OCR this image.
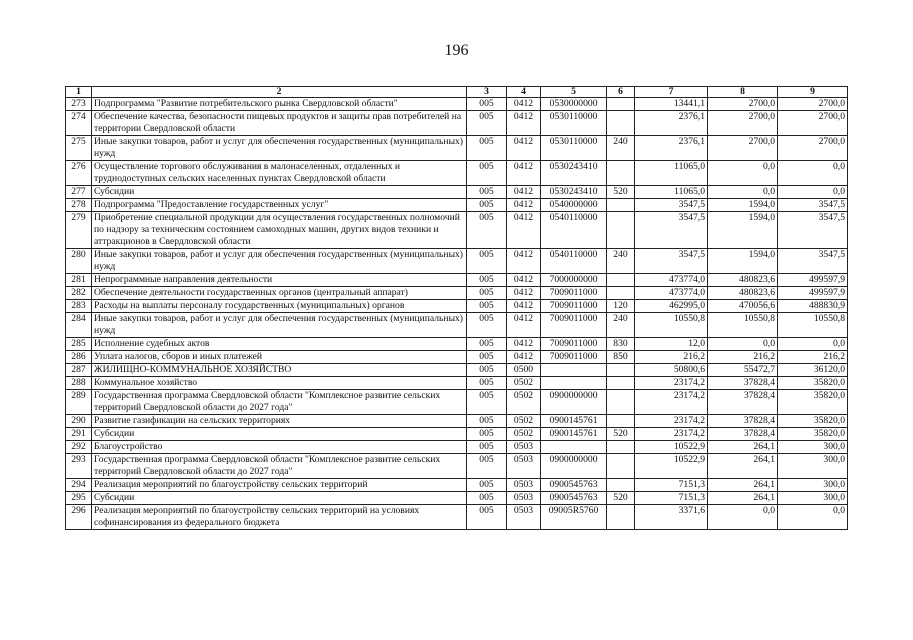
196
1	2	3	4	5	6	7	8	9
273	Подпрограмма "Развитие потребительского рынка Свердловской области"	005	0412	0530000000		13441,1	2700,0	2700,0
274	Обеспечение качества, безопасности пищевых продуктов и защиты прав потребителей на территории Свердловской области	005	0412	0530110000		2376,1	2700,0	2700,0
275	Иные закупки товаров, работ и услуг для обеспечения государственных (муниципальных) нужд	005	0412	0530110000	240	2376,1	2700,0	2700,0
276	Осуществление торгового обслуживания в малонаселенных, отдаленных и труднодоступных сельских населенных пунктах Свердловской области	005	0412	0530243410		11065,0	0,0	0,0
277	Субсидии	005	0412	0530243410	520	11065,0	0,0	0,0
278	Подпрограмма "Предоставление государственных услуг"	005	0412	0540000000		3547,5	1594,0	3547,5
279	Приобретение специальной продукции для осуществления государственных полномочий по надзору за техническим состоянием самоходных машин, других видов техники и аттракционов в Свердловской области	005	0412	0540110000		3547,5	1594,0	3547,5
280	Иные закупки товаров, работ и услуг для обеспечения государственных (муниципальных) нужд	005	0412	0540110000	240	3547,5	1594,0	3547,5
281	Непрограммные направления деятельности	005	0412	7000000000		473774,0	480823,6	499597,9
282	Обеспечение деятельности государственных органов (центральный аппарат)	005	0412	7009011000		473774,0	480823,6	499597,9
283	Расходы на выплаты персоналу государственных (муниципальных) органов	005	0412	7009011000	120	462995,0	470056,6	488830,9
284	Иные закупки товаров, работ и услуг для обеспечения государственных (муниципальных) нужд	005	0412	7009011000	240	10550,8	10550,8	10550,8
285	Исполнение судебных актов	005	0412	7009011000	830	12,0	0,0	0,0
286	Уплата налогов, сборов и иных платежей	005	0412	7009011000	850	216,2	216,2	216,2
287	ЖИЛИЩНО-КОММУНАЛЬНОЕ ХОЗЯЙСТВО	005	0500			50800,6	55472,7	36120,0
288	Коммунальное хозяйство	005	0502			23174,2	37828,4	35820,0
289	Государственная программа Свердловской области "Комплексное развитие сельских территорий Свердловской области до 2027 года"	005	0502	0900000000		23174,2	37828,4	35820,0
290	Развитие газификации на сельских территориях	005	0502	0900145761		23174,2	37828,4	35820,0
291	Субсидии	005	0502	0900145761	520	23174,2	37828,4	35820,0
292	Благоустройство	005	0503			10522,9	264,1	300,0
293	Государственная программа Свердловской области "Комплексное развитие сельских территорий Свердловской области до 2027 года"	005	0503	0900000000		10522,9	264,1	300,0
294	Реализация мероприятий по благоустройству сельских территорий	005	0503	0900545763		7151,3	264,1	300,0
295	Субсидии	005	0503	0900545763	520	7151,3	264,1	300,0
296	Реализация мероприятий по благоустройству сельских территорий на условиях софинансирования из федерального бюджета	005	0503	09005R5760		3371,6	0,0	0,0
